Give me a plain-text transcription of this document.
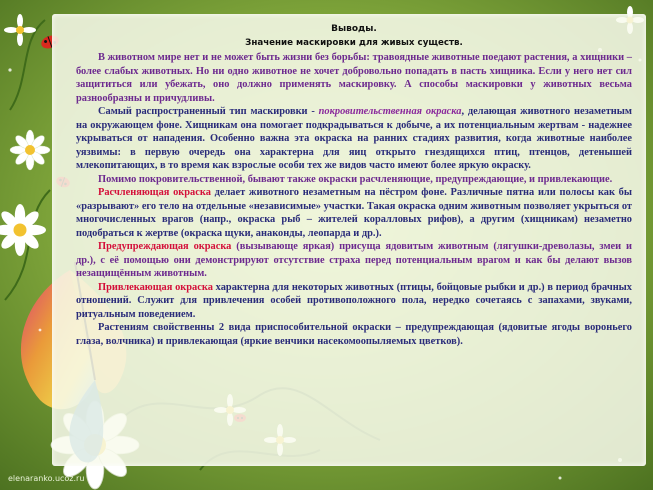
Выводы.
Значение маскировки для живых существ.

В животном мире нет и не может быть жизни без борьбы: травоядные животные поедают растения, а хищники – более слабых животных. Но ни одно животное не хочет добровольно попадать в пасть хищника. Если у него нет сил защититься или убежать, оно должно применять маскировку. А способы маскировки у животных весьма разнообразны и причудливы.

Самый распространенный тип маскировки - покровительственная окраска, делающая животного незаметным на окружающем фоне. Хищникам она помогает подкрадываться к добыче, а их потенциальным жертвам - надежнее укрываться от нападения. Особенно важна эта окраска на ранних стадиях развития, когда животные наиболее уязвимы: в первую очередь она характерна для яиц открыто гнездящихся птиц, птенцов, детенышей млекопитающих, в то время как взрослые особи тех же видов часто имеют более яркую окраску.

Помимо покровительственной, бывают также окраски расчленяющие, предупреждающие, и привлекающие.

Расчленяющая окраска делает животного незаметным на пёстром фоне. Различные пятна или полосы как бы «разрывают» его тело на отдельные «независимые» участки. Такая окраска одним животным позволяет укрыться от многочисленных врагов (напр., окраска рыб – жителей коралловых рифов), а другим (хищникам) незаметно подобраться к жертве (окраска щуки, анаконды, леопарда и др.).

Предупреждающая окраска (вызывающе яркая) присуща ядовитым животным (лягушки-древолазы, змеи и др.), с её помощью они демонстрируют отсутствие страха перед потенциальным врагом и как бы делают вызов незащищённым животным.

Привлекающая окраска характерна для некоторых животных (птицы, бойцовые рыбки и др.) в период брачных отношений. Служит для привлечения особей противоположного пола, нередко сочетаясь с запахами, звуками, ритуальным поведением.

Растениям свойственны 2 вида приспособительной окраски – предупреждающая (ядовитые ягоды вороньего глаза, волчника) и привлекающая (яркие венчики насекомоопыляемых цветков).

elenaranko.ucoz.ru
